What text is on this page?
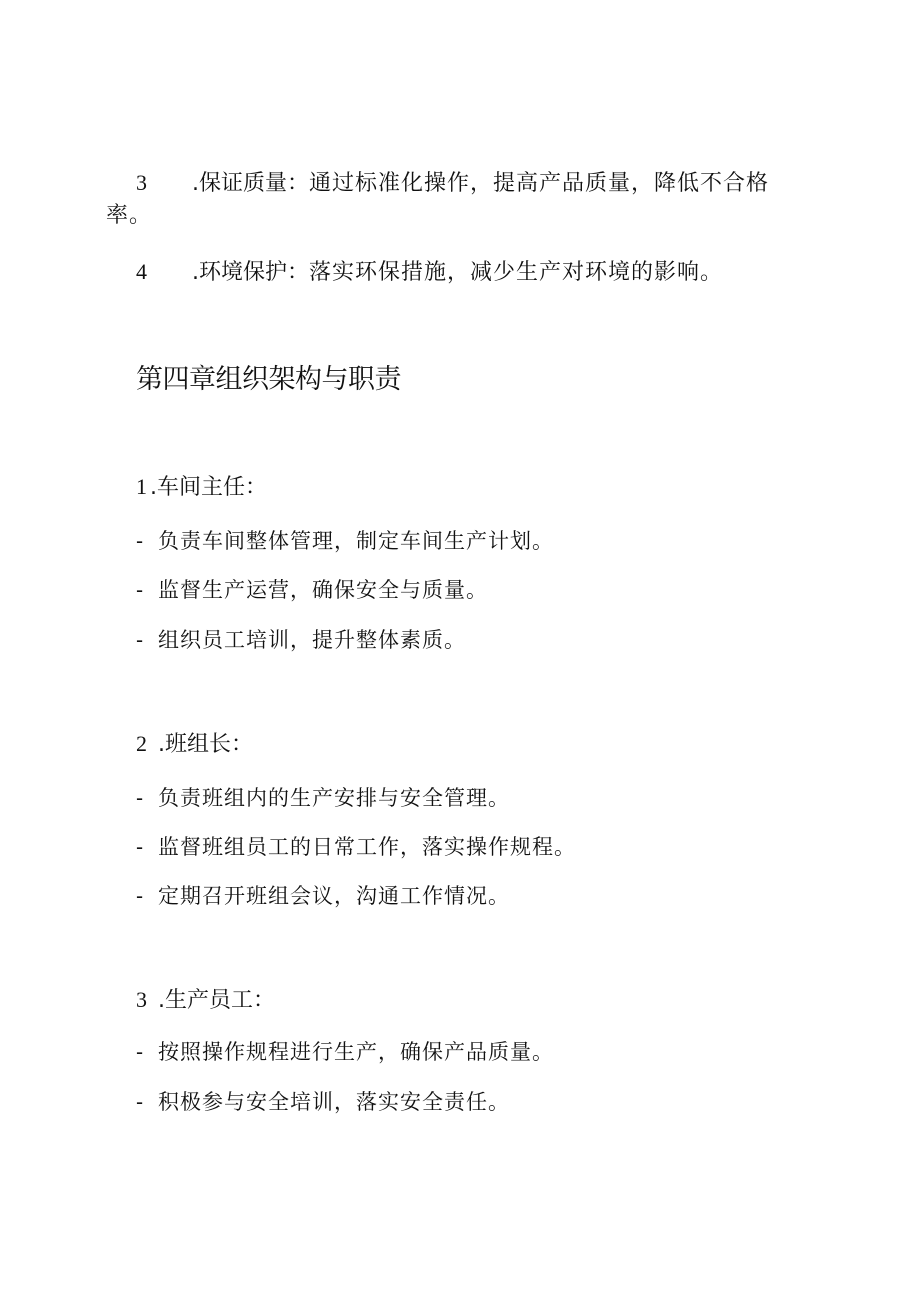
3 .保证质量：通过标准化操作，提高产品质量，降低不合格
率。
4 .环境保护：落实环保措施，减少生产对环境的影响。
第四章组织架构与职责
1 .车间主任：
- 负责车间整体管理，制定车间生产计划。
- 监督生产运营，确保安全与质量。
- 组织员工培训，提升整体素质。
2 .班组长：
- 负责班组内的生产安排与安全管理。
- 监督班组员工的日常工作，落实操作规程。
- 定期召开班组会议，沟通工作情况。
3 .生产员工：
- 按照操作规程进行生产，确保产品质量。
- 积极参与安全培训，落实安全责任。
